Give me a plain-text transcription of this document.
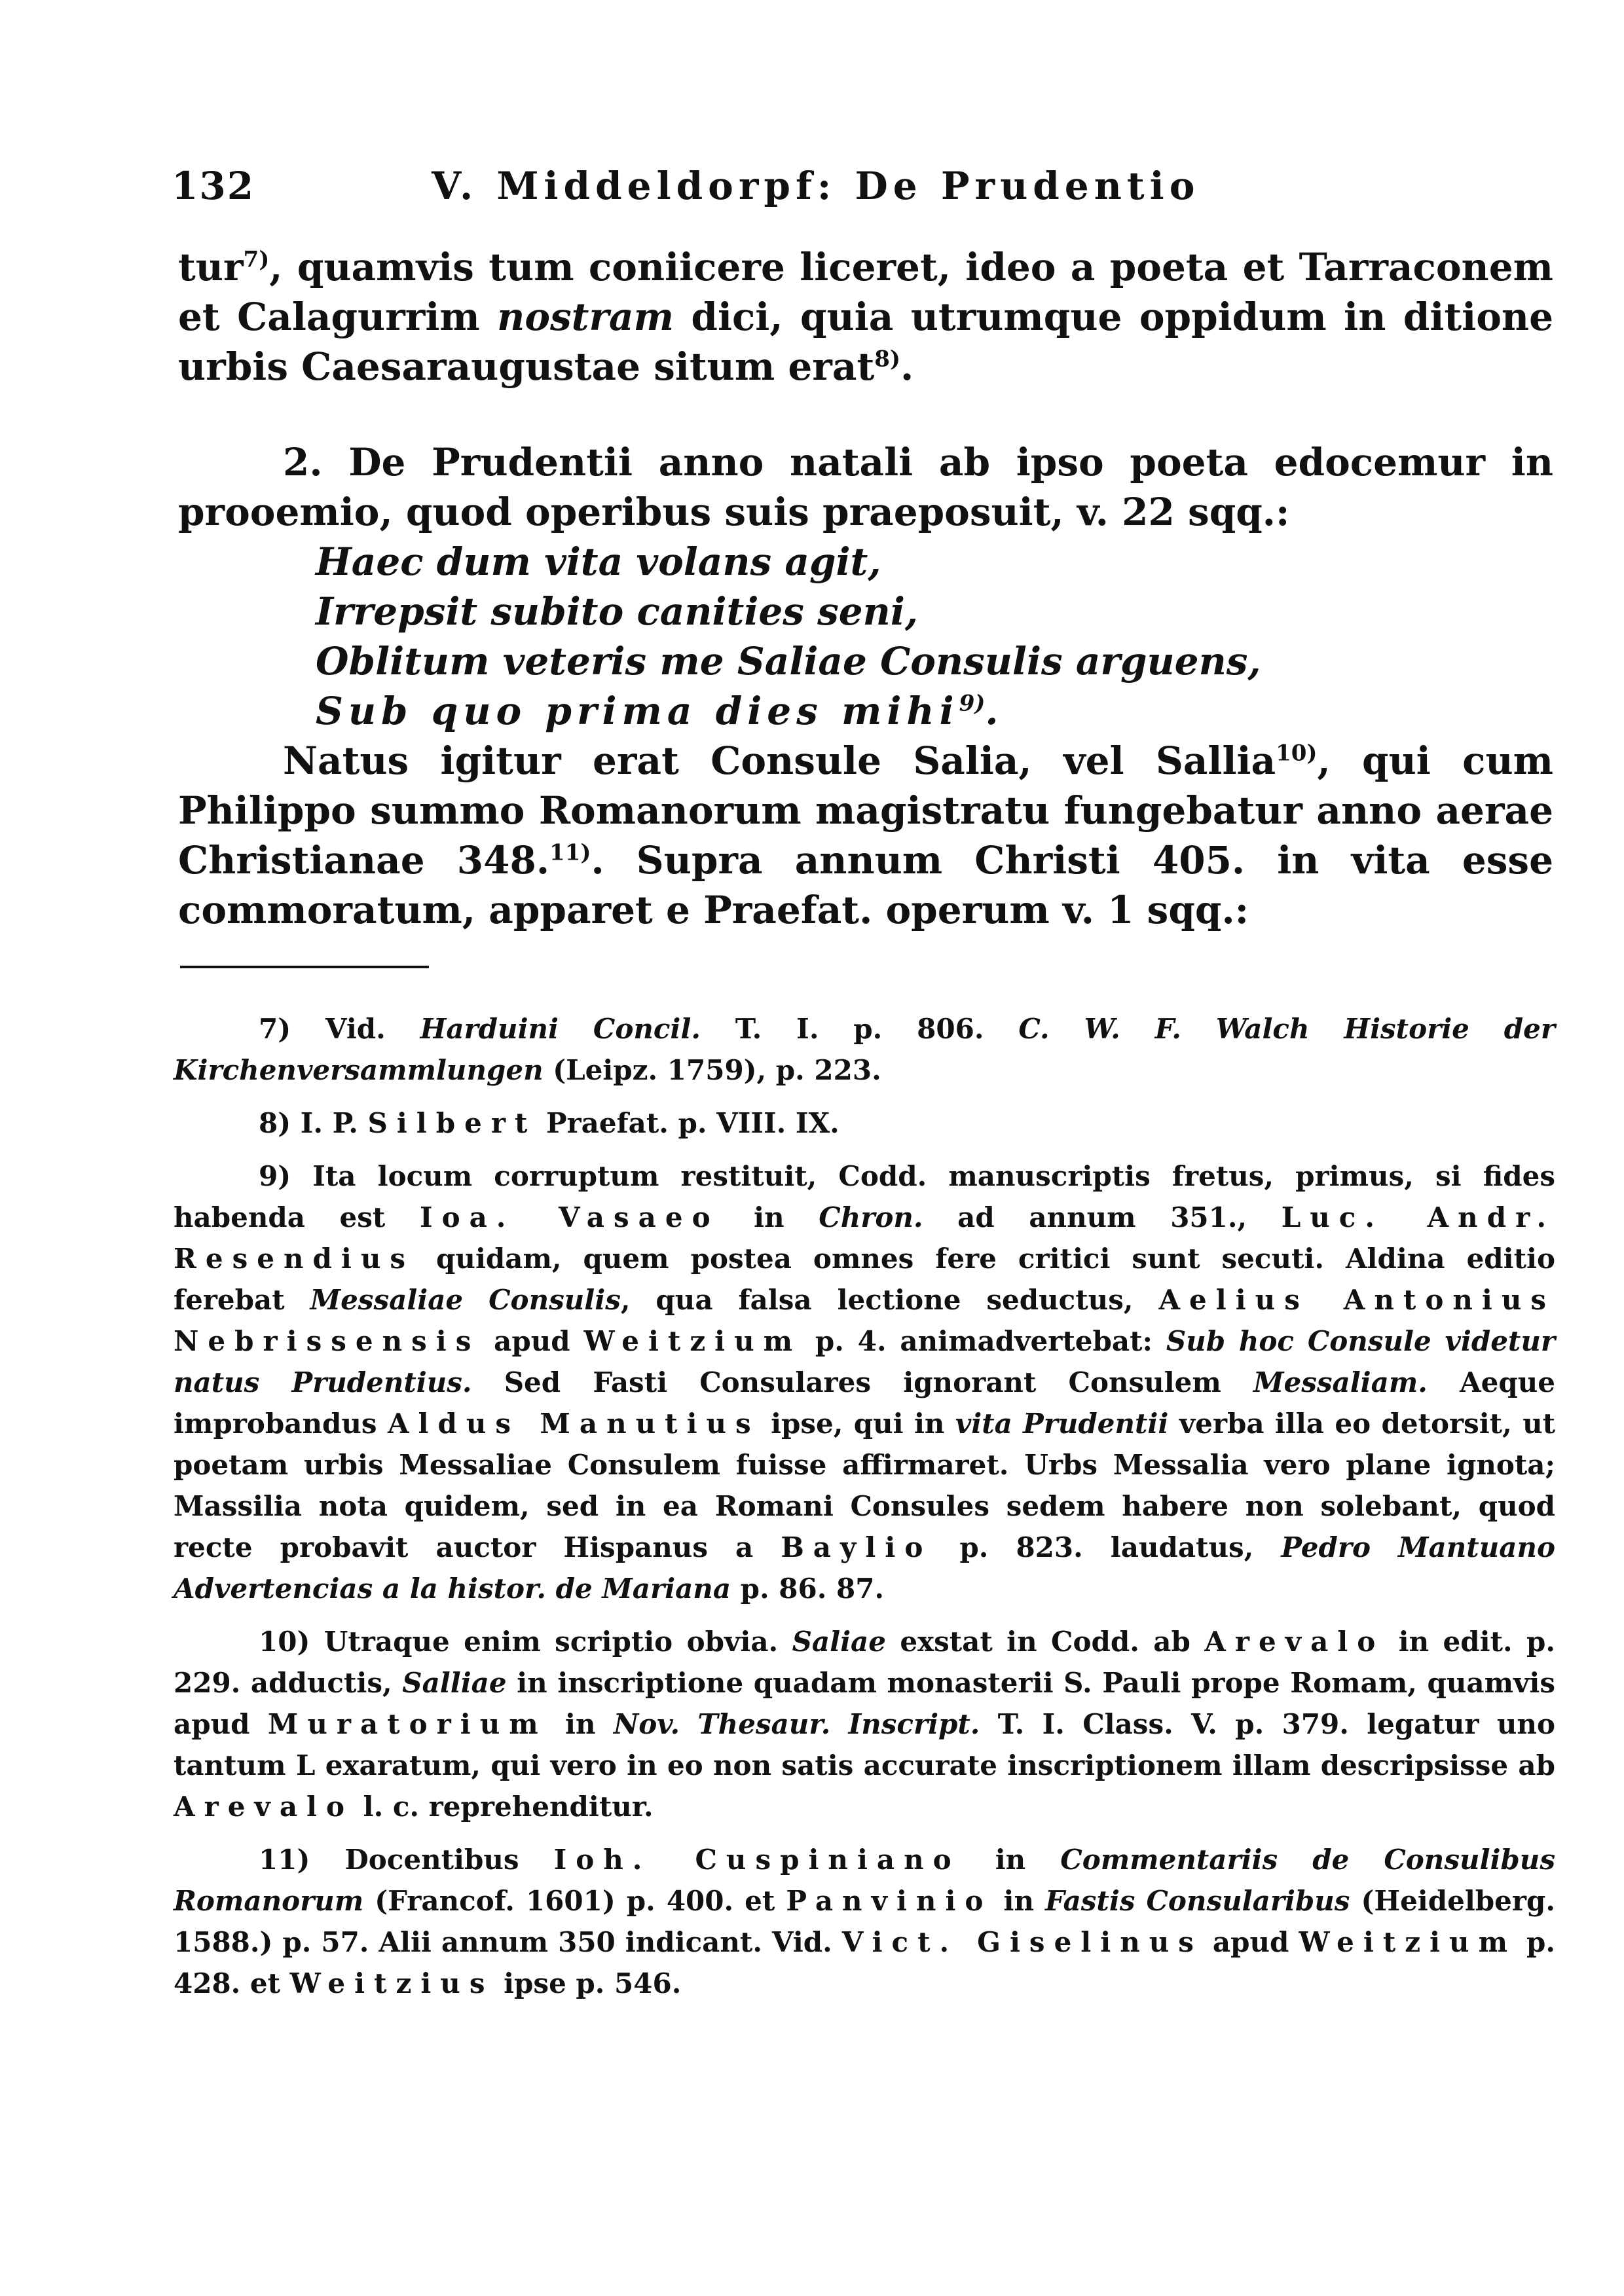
132	V. Middeldorpf: De Prudentio

tur$^{7)}$, quamvis tum coniicere liceret, ideo a poeta et Tarraconem et Calagurrim nostram dici, quia utrumque oppidum in ditione urbis Caesaraugustae situm erat$^{8)}$.

2. De Prudentii anno natali ab ipso poeta edocemur in prooemio, quod operibus suis praeposuit, v. 22 sqq.:

Haec dum vita volans agit,
Irrepsit subito canities seni,
Oblitum veteris me Saliae Consulis arguens,
Sub quo prima dies mihi$^{9)}$.

Natus igitur erat Consule Salia, vel Sallia$^{10)}$, qui cum Philippo summo Romanorum magistratu fungebatur anno aerae Christianae 348.$^{11)}$. Supra annum Christi 405. in vita esse commoratum, apparet e Praefat. operum v. 1 sqq.:

7) Vid. Harduini Concil. T. I. p. 806. C. W. F. Walch Historie der Kirchenversammlungen (Leipz. 1759), p. 223.

8) I. P. Silbert Praefat. p. VIII. IX.

9) Ita locum corruptum restituit, Codd. manuscriptis fretus, primus, si fides habenda est Ioa. Vasaeo in Chron. ad annum 351., Luc. Andr. Resendius quidam, quem postea omnes fere critici sunt secuti. Aldina editio ferebat Messaliae Consulis, qua falsa lectione seductus, Aelius Antonius Nebrissensis apud Weitzium p. 4. animadvertebat: Sub hoc Consule videtur natus Prudentius. Sed Fasti Consulares ignorant Consulem Messaliam. Aeque improbandus Aldus Manutius ipse, qui in vita Prudentii verba illa eo detorsit, ut poetam urbis Messaliae Consulem fuisse affirmaret. Urbs Messalia vero plane ignota; Massilia nota quidem, sed in ea Romani Consules sedem habere non solebant, quod recte probavit auctor Hispanus a Baylio p. 823. laudatus, Pedro Mantuano Advertencias a la histor. de Mariana p. 86. 87.

10) Utraque enim scriptio obvia. Saliae exstat in Codd. ab Arevalo in edit. p. 229. adductis, Salliae in inscriptione quadam monasterii S. Pauli prope Romam, quamvis apud Muratorium in Nov. Thesaur. Inscript. T. I. Class. V. p. 379. legatur uno tantum L exaratum, qui vero in eo non satis accurate inscriptionem illam descripsisse ab Arevalo l. c. reprehenditur.

11) Docentibus Ioh. Cuspiniano in Commentariis de Consulibus Romanorum (Francof. 1601) p. 400. et Panvinio in Fastis Consularibus (Heidelberg. 1588.) p. 57. Alii annum 350 indicant. Vid. Vict. Giselinus apud Weitzium p. 428. et Weitzius ipse p. 546.
